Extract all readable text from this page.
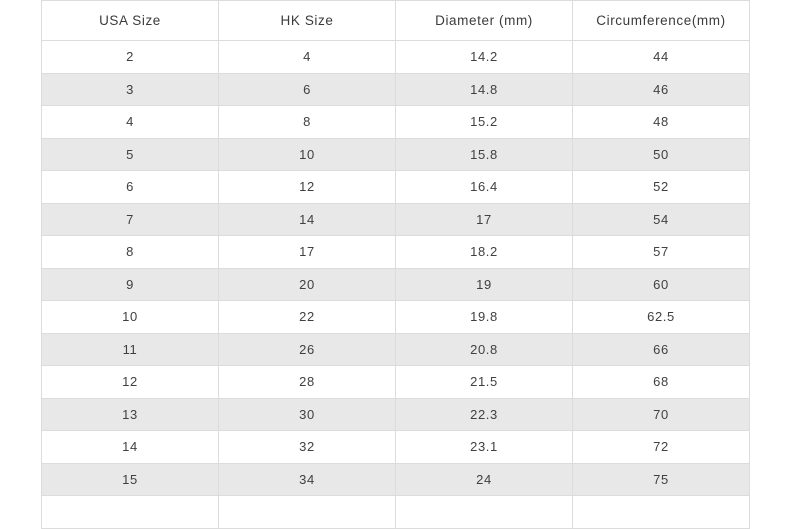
USA Size	HK Size	Diameter (mm)	Circumference(mm)
2	4	14.2	44
3	6	14.8	46
4	8	15.2	48
5	10	15.8	50
6	12	16.4	52
7	14	17	54
8	17	18.2	57
9	20	19	60
10	22	19.8	62.5
11	26	20.8	66
12	28	21.5	68
13	30	22.3	70
14	32	23.1	72
15	34	24	75
